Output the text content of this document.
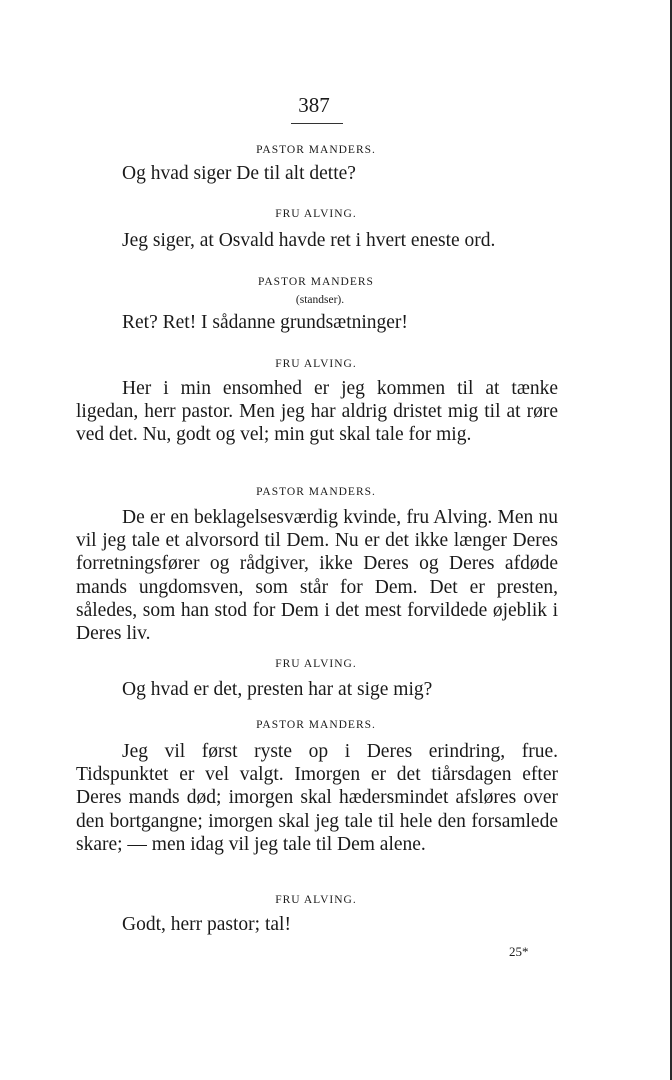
387
PASTOR MANDERS.

Og hvad siger De til alt dette?

FRU ALVING.

Jeg siger, at Osvald havde ret i hvert eneste ord.

PASTOR MANDERS
(standser).

Ret? Ret! I sådanne grundsætninger!

FRU ALVING.

Her i min ensomhed er jeg kommen til at tænke ligedan, herr pastor. Men jeg har aldrig dristet mig til at røre ved det. Nu, godt og vel; min gut skal tale for mig.

PASTOR MANDERS.

De er en beklagelsesværdig kvinde, fru Alving. Men nu vil jeg tale et alvorsord til Dem. Nu er det ikke længer Deres forretningsfører og rådgiver, ikke Deres og Deres afdøde mands ungdomsven, som står for Dem. Det er presten, således, som han stod for Dem i det mest forvildede øjeblik i Deres liv.

FRU ALVING.

Og hvad er det, presten har at sige mig?

PASTOR MANDERS.

Jeg vil først ryste op i Deres erindring, frue. Tidspunktet er vel valgt. Imorgen er det tiårsdagen efter Deres mands død; imorgen skal hædersmindet afsløres over den bortgangne; imorgen skal jeg tale til hele den forsamlede skare; — men idag vil jeg tale til Dem alene.

FRU ALVING.

Godt, herr pastor; tal!

25*
